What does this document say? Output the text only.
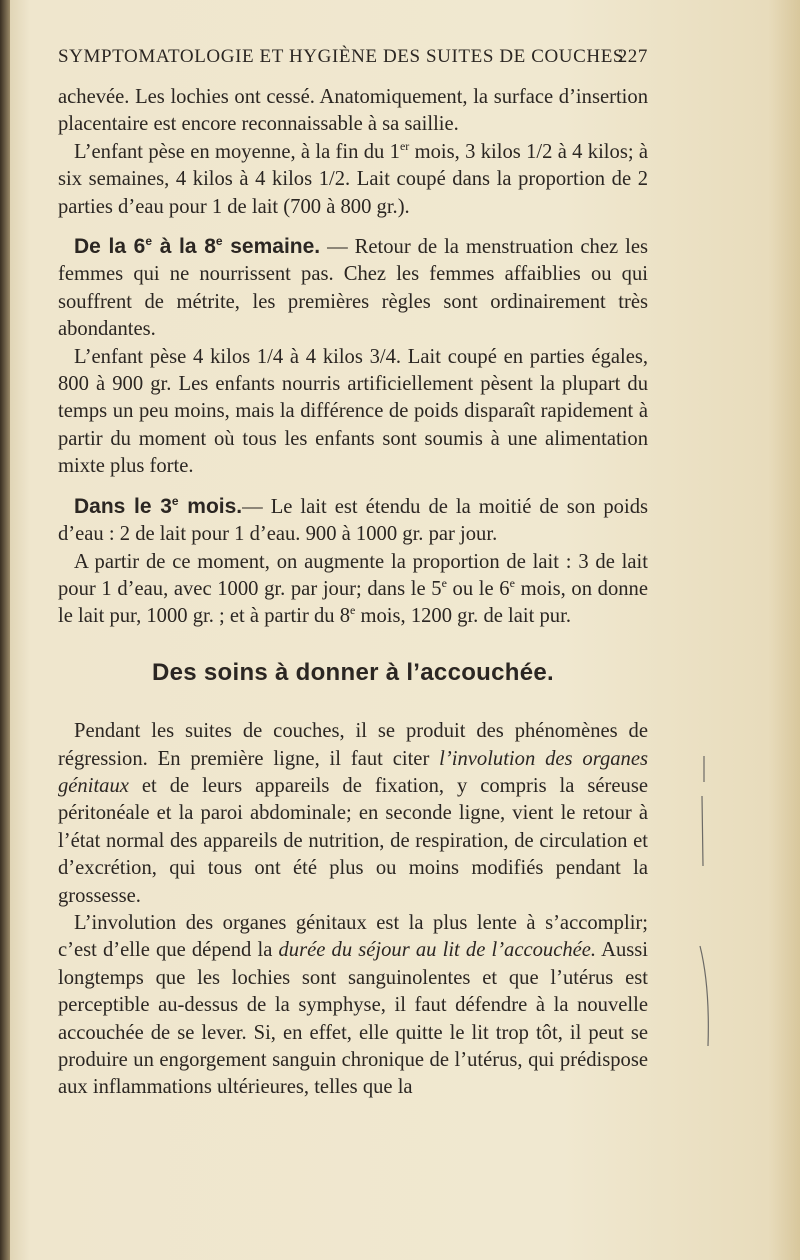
SYMPTOMATOLOGIE ET HYGIÈNE DES SUITES DE COUCHES
227

achevée. Les lochies ont cessé. Anatomiquement, la surface d’insertion placentaire est encore reconnaissable à sa saillie.

L’enfant pèse en moyenne, à la fin du 1er mois, 3 kilos 1/2 à 4 kilos; à six semaines, 4 kilos à 4 kilos 1/2. Lait coupé dans la proportion de 2 parties d’eau pour 1 de lait (700 à 800 gr.).

De la 6e à la 8e semaine. — Retour de la menstruation chez les femmes qui ne nourrissent pas. Chez les femmes affaiblies ou qui souffrent de métrite, les premières règles sont ordinairement très abondantes.

L’enfant pèse 4 kilos 1/4 à 4 kilos 3/4. Lait coupé en parties égales, 800 à 900 gr. Les enfants nourris artificiellement pèsent la plupart du temps un peu moins, mais la différence de poids disparaît rapidement à partir du moment où tous les enfants sont soumis à une alimentation mixte plus forte.

Dans le 3e mois.— Le lait est étendu de la moitié de son poids d’eau : 2 de lait pour 1 d’eau. 900 à 1000 gr. par jour.

A partir de ce moment, on augmente la proportion de lait : 3 de lait pour 1 d’eau, avec 1000 gr. par jour; dans le 5e ou le 6e mois, on donne le lait pur, 1000 gr. ; et à partir du 8e mois, 1200 gr. de lait pur.

Des soins à donner à l’accouchée.

Pendant les suites de couches, il se produit des phénomènes de régression. En première ligne, il faut citer l’involution des organes génitaux et de leurs appareils de fixation, y compris la séreuse péritonéale et la paroi abdominale; en seconde ligne, vient le retour à l’état normal des appareils de nutrition, de respiration, de circulation et d’excrétion, qui tous ont été plus ou moins modifiés pendant la grossesse.

L’involution des organes génitaux est la plus lente à s’accomplir; c’est d’elle que dépend la durée du séjour au lit de l’accouchée. Aussi longtemps que les lochies sont sanguinolentes et que l’utérus est perceptible au-dessus de la symphyse, il faut défendre à la nouvelle accouchée de se lever. Si, en effet, elle quitte le lit trop tôt, il peut se produire un engorgement sanguin chronique de l’utérus, qui prédispose aux inflammations ultérieures, telles que la
